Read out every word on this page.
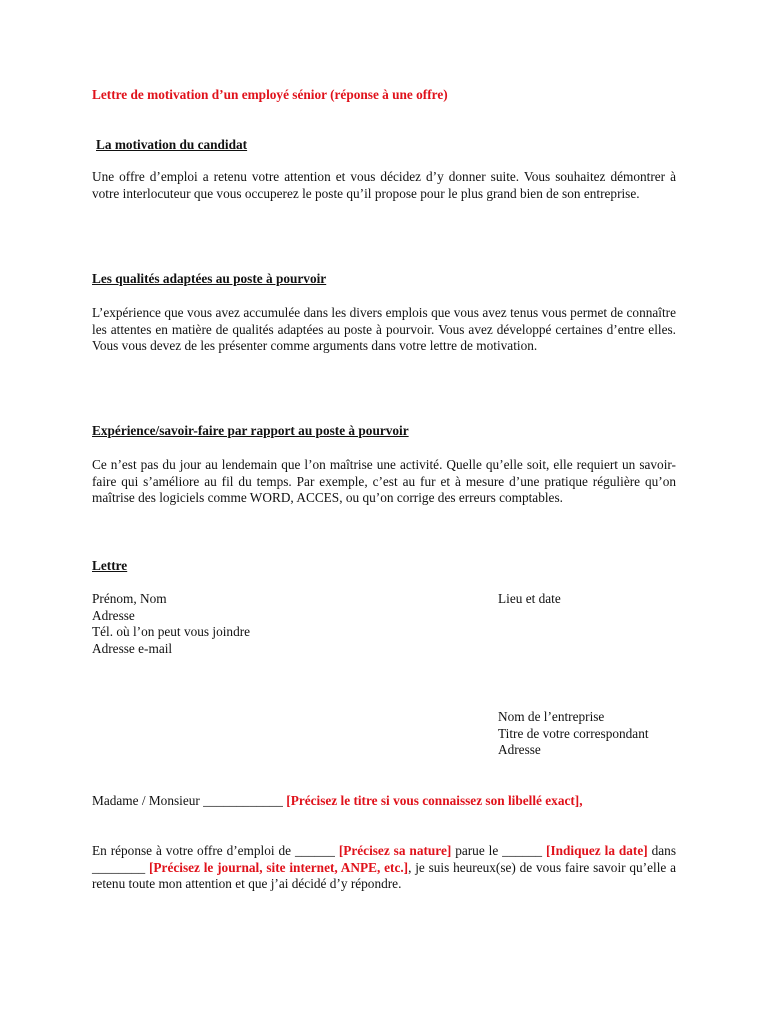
Lettre de motivation d’un employé sénior (réponse à une offre)
La motivation du candidat
Une offre d’emploi a retenu votre attention et vous décidez d’y donner suite. Vous souhaitez démontrer à votre interlocuteur que vous occuperez le poste qu’il propose pour le plus grand bien de son entreprise.
Les qualités adaptées au poste à pourvoir
L’expérience que vous avez accumulée dans les divers emplois que vous avez tenus vous permet de connaître les attentes en matière de qualités adaptées au poste à pourvoir. Vous avez développé certaines d’entre elles. Vous vous devez de les présenter comme arguments dans votre lettre de motivation.
Expérience/savoir-faire par rapport au poste à pourvoir
Ce n’est pas du jour au lendemain que l’on maîtrise une activité. Quelle qu’elle soit, elle requiert un savoir-faire qui s’améliore au fil du temps. Par exemple, c’est au fur et à mesure d’une pratique régulière qu’on maîtrise des logiciels comme WORD, ACCES, ou qu’on corrige des erreurs comptables.
Lettre
Prénom, Nom
Adresse
Tél. où l’on peut vous joindre
Adresse e-mail
Lieu et date
Nom de l’entreprise
Titre de votre correspondant
Adresse
Madame / Monsieur ____________ [Précisez le titre si vous connaissez son libellé exact],
En réponse à votre offre d’emploi de ______ [Précisez sa nature] parue le ______ [Indiquez la date] dans ________ [Précisez le journal, site internet, ANPE, etc.], je suis heureux(se) de vous faire savoir qu’elle a retenu toute mon attention et que j’ai décidé d’y répondre.
